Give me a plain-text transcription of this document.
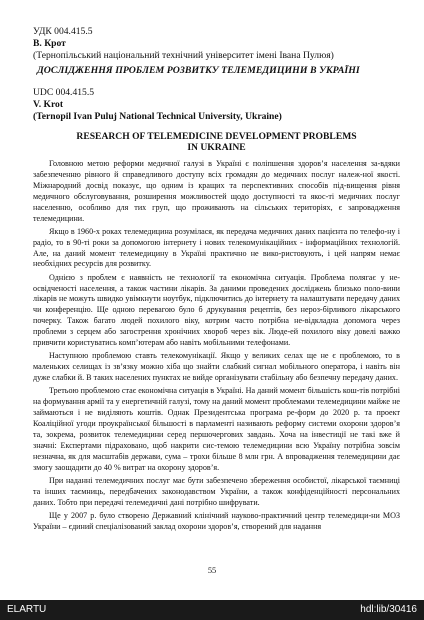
УДК 004.415.5
В. Крот
(Тернопільський національний технічний університет імені Івана Пулюя)
ДОСЛІДЖЕННЯ ПРОБЛЕМ РОЗВИТКУ ТЕЛЕМЕДИЦИНИ В УКРАЇНІ
UDC 004.415.5
V. Krot
(Ternopil Ivan Puluj National Technical University, Ukraine)
RESEARCH OF TELEMEDICINE DEVELOPMENT PROBLEMS
IN UKRAINE

Головною метою реформи медичної галузі в Україні є поліпшення здоров’я населення за-вдяки забезпеченню рівного й справедливого доступу всіх громадян до медичних послуг належ-ної якості. Міжнародний досвід показує, що одним із кращих та перспективних способів під-вищення рівня медичного обслуговування, розширення можливостей щодо доступності та якос-ті медичних послуг населенню, особливо для тих груп, що проживають на сільських територіях, є запровадження телемедицини.

Якщо в 1960-х роках телемедицина розумілася, як передача медичних даних пацієнта по телефо-ну і радіо, то в 90-ті роки за допомогою інтернету і нових телекомунікаційних - інформаційних технологій. Але, на даний момент телемедицину в Україні практично не вико-ристовують, і цей напрям немає необхідних ресурсів для розвитку.

Однією з проблем є наявність не технології та економічна ситуація. Проблема полягає у не-освідченості населення, а також частини лікарів. За даними проведених досліджень близько поло-вини лікарів не можуть швидко увімкнути ноутбук, підключитись до інтернету та налаштувати передачу даних чи конференцію. Ще одною перевагою було б друкування рецептів, без нероз-бірливого лікарського почерку. Також багато людей похилого віку, котрим часто потрібна не-відкладна допомога через проблеми з серцем або загострення хронічних хвороб через вік. Люде-ей похилого віку довелі важко привчити користуватись комп’ютерам або навіть мобільними телефонами.

Наступною проблемою ставть телекомунікації. Якщо у великих селах ще не є проблемою, то в маленьких селищах із зв’язку можно хіба що знайти слабкий сигнал мобільного оператора, і навіть він дуже слабки й. В таких населених пунктах не вийде організувати стабільну або безпечну передачу даних.

Третьою проблемою стає економічна ситуація в Україні. На даний момент більшість кош-тів потрібні на формування армії та у енергетичній галузі, тому на даний момент проблемами телемедицини майже не займаються і не виділяють коштів. Однак Президентська програма ре-форм до 2020 р. та проект Коаліційної угоди проукраїнської більшості в парламенті називають реформу системи охорони здоров’я та, зокрема, розвиток телемедицини серед першочергових завдань. Хоча на інвестиції не такі вже й значні: Експертами підраховано, щоб накрити сис-темою телемедицини всю Україну потрібна зовсім незначна, як для масштабів держави, сума – трохи більше 8 млн грн. А впровадження телемедицини дає змогу заощадити до 40 % витрат на охорону здоров’я.

При наданні телемедичних послуг має бути забезпечено збереження особистої, лікарської таємниці та інших таємниць, передбачених законодавством України, а також конфіденційності персональних даних. Тобто при передачі телемедичні дані потрібно шифрувати.

Ще у 2007 р. було створено Державний клінічний науково-практичний центр телемедици-ни МОЗ України – єдиний спеціалізований заклад охорони здоров’я, створений для надання

55
ELARTU	hdl:lib/30416
